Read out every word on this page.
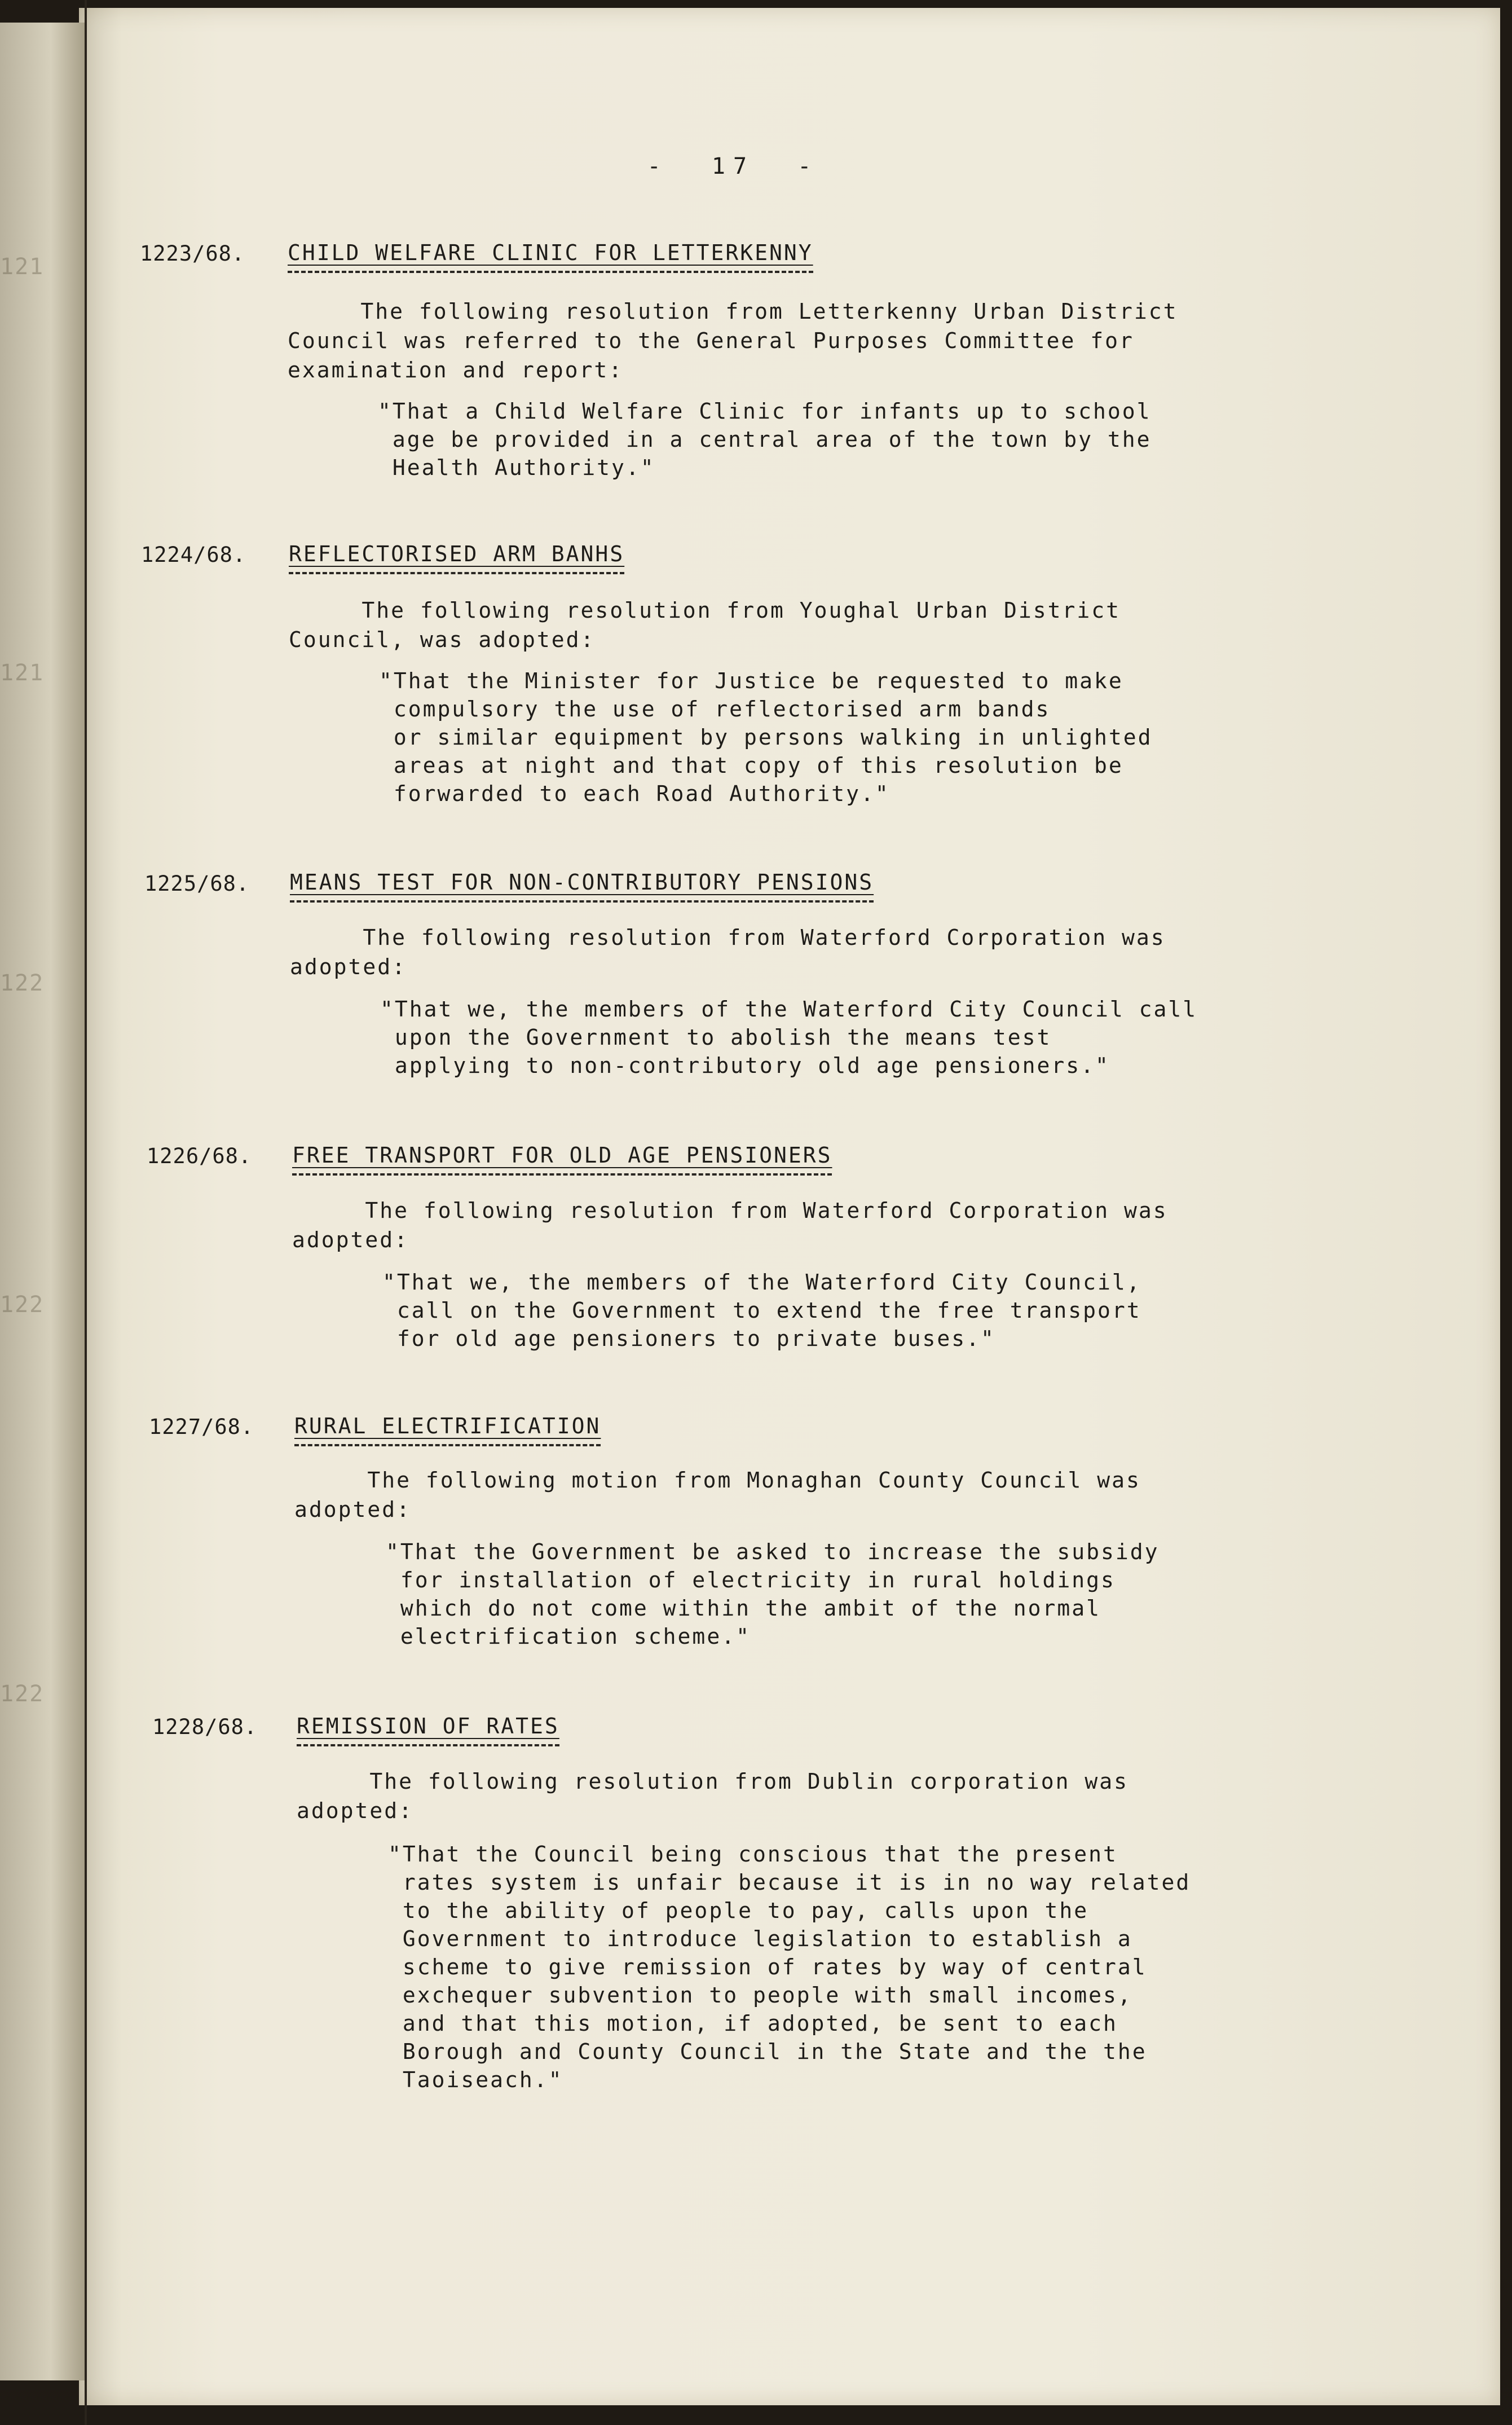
121
121
122
122
122
-  17  -
1223/68. CHILD WELFARE CLINIC FOR LETTERKENNY
The following resolution from Letterkenny Urban District
Council was referred to the General Purposes Committee for
examination and report:
"That a Child Welfare Clinic for infants up to school
age be provided in a central area of the town by the
Health Authority."
1224/68. REFLECTORISED ARM BANHS
The following resolution from Youghal Urban District
Council, was adopted:
"That the Minister for Justice be requested to make
compulsory the use of reflectorised arm bands
or similar equipment by persons walking in unlighted
areas at night and that copy of this resolution be
forwarded to each Road Authority."
1225/68. MEANS TEST FOR NON-CONTRIBUTORY PENSIONS
The following resolution from Waterford Corporation was
adopted:
"That we, the members of the Waterford City Council call
upon the Government to abolish the means test
applying to non-contributory old age pensioners."
1226/68. FREE TRANSPORT FOR OLD AGE PENSIONERS
The following resolution from Waterford Corporation was
adopted:
"That we, the members of the Waterford City Council,
call on the Government to extend the free transport
for old age pensioners to private buses."
1227/68. RURAL ELECTRIFICATION
The following motion from Monaghan County Council was
adopted:
"That the Government be asked to increase the subsidy
for installation of electricity in rural holdings
which do not come within the ambit of the normal
electrification scheme."
1228/68. REMISSION OF RATES
The following resolution from Dublin corporation was
adopted:
"That the Council being conscious that the present
rates system is unfair because it is in no way related
to the ability of people to pay, calls upon the
Government to introduce legislation to establish a
scheme to give remission of rates by way of central
exchequer subvention to people with small incomes,
and that this motion, if adopted, be sent to each
Borough and County Council in the State and the the
Taoiseach."
